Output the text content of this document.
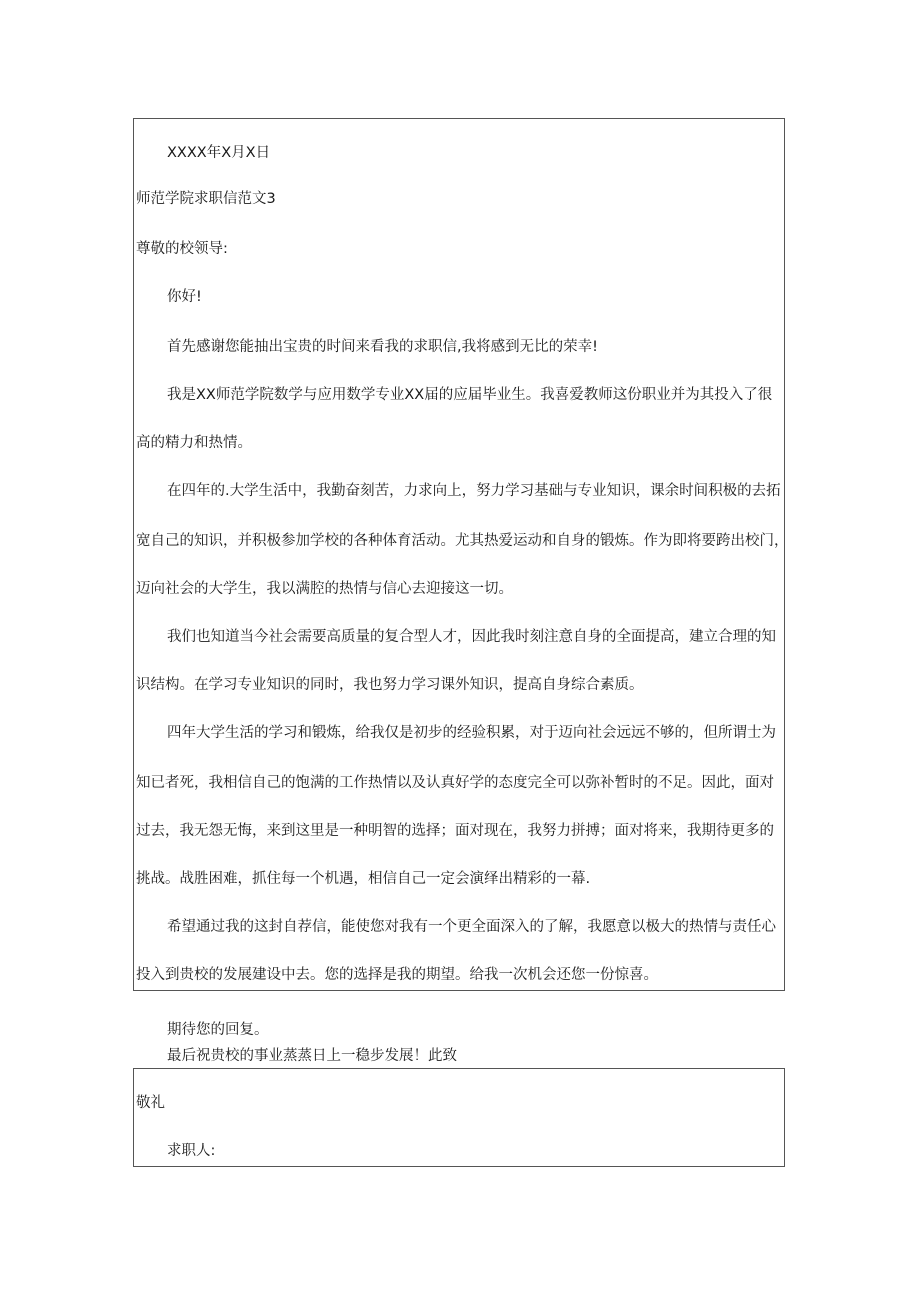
XXXX年X月X日
师范学院求职信范文3
尊敬的校领导:
你好!
首先感谢您能抽出宝贵的时间来看我的求职信,我将感到无比的荣幸!
我是XX师范学院数学与应用数学专业XX届的应届毕业生。我喜爱教师这份职业并为其投入了很
高的精力和热情。
在四年的.大学生活中，我勤奋刻苦，力求向上，努力学习基础与专业知识，课余时间积极的去拓
宽自己的知识，并积极参加学校的各种体育活动。尤其热爱运动和自身的锻炼。作为即将要跨出校门，
迈向社会的大学生，我以满腔的热情与信心去迎接这一切。
我们也知道当今社会需要高质量的复合型人才，因此我时刻注意自身的全面提高，建立合理的知
识结构。在学习专业知识的同时，我也努力学习课外知识，提高自身综合素质。
四年大学生活的学习和锻炼，给我仅是初步的经验积累，对于迈向社会远远不够的，但所谓士为
知已者死，我相信自己的饱满的工作热情以及认真好学的态度完全可以弥补暂时的不足。因此，面对
过去，我无怨无悔，来到这里是一种明智的选择；面对现在，我努力拼搏；面对将来，我期待更多的
挑战。战胜困难，抓住每一个机遇，相信自己一定会演绎出精彩的一幕.
希望通过我的这封自荐信，能使您对我有一个更全面深入的了解，我愿意以极大的热情与责任心
投入到贵校的发展建设中去。您的选择是我的期望。给我一次机会还您一份惊喜。
期待您的回复。
最后祝贵校的事业蒸蒸日上一稳步发展！此致
敬礼
求职人:
